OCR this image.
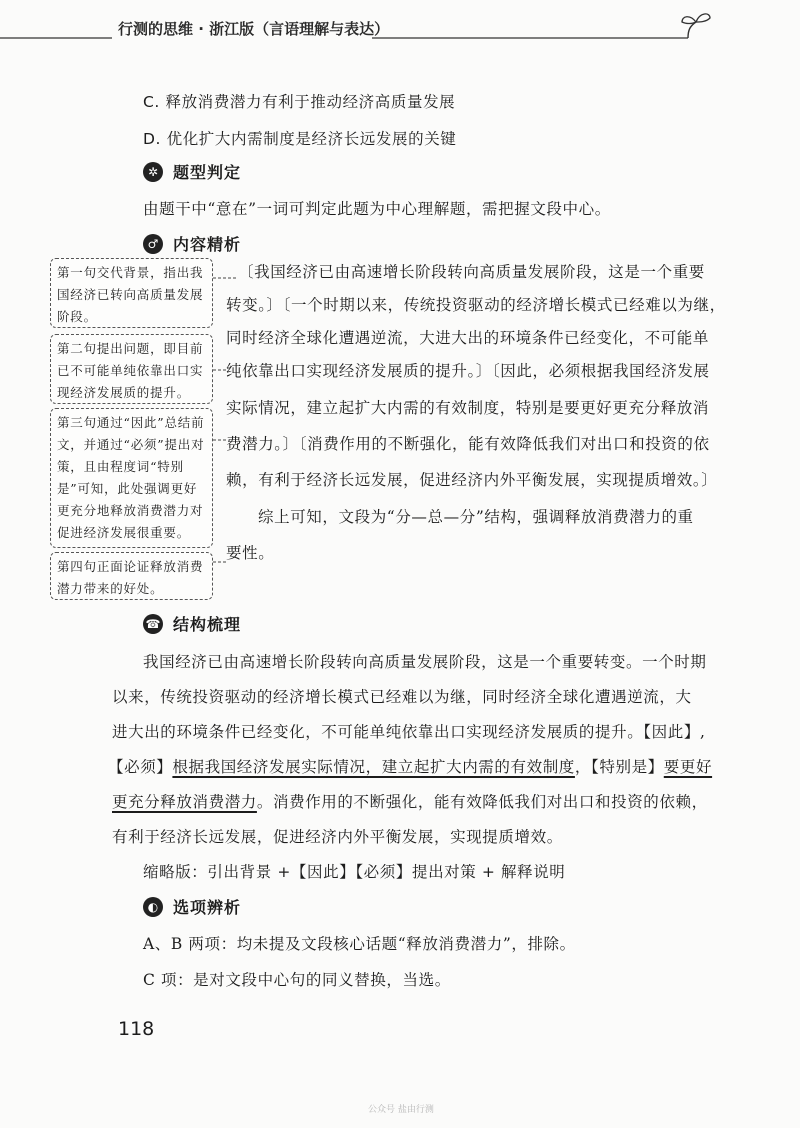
行测的思维 · 浙江版（言语理解与表达）
C. 释放消费潜力有利于推动经济高质量发展
D. 优化扩大内需制度是经济长远发展的关键
✲ 题型判定
由题干中“意在”一词可判定此题为中心理解题，需把握文段中心。
♂ 内容精析
〔我国经济已由高速增长阶段转向高质量发展阶段，这是一个重要
转变。〕〔一个时期以来，传统投资驱动的经济增长模式已经难以为继，
同时经济全球化遭遇逆流，大进大出的环境条件已经变化，不可能单
纯依靠出口实现经济发展质的提升。〕〔因此，必须根据我国经济发展
实际情况，建立起扩大内需的有效制度，特别是要更好更充分释放消
费潜力。〕〔消费作用的不断强化，能有效降低我们对出口和投资的依
赖，有利于经济长远发展，促进经济内外平衡发展，实现提质增效。〕
综上可知，文段为“分—总—分”结构，强调释放消费潜力的重
要性。
第一句交代背景，指出我国经济已转向高质量发展阶段。
第二句提出问题，即目前已不可能单纯依靠出口实现经济发展质的提升。
第三句通过“因此”总结前文，并通过“必须”提出对策，且由程度词“特别是”可知，此处强调更好更充分地释放消费潜力对促进经济发展很重要。
第四句正面论证释放消费潜力带来的好处。
☎ 结构梳理
我国经济已由高速增长阶段转向高质量发展阶段，这是一个重要转变。一个时期
以来，传统投资驱动的经济增长模式已经难以为继，同时经济全球化遭遇逆流，大
进大出的环境条件已经变化，不可能单纯依靠出口实现经济发展质的提升。【因此】,
【必须】根据我国经济发展实际情况，建立起扩大内需的有效制度，【特别是】要更好
更充分释放消费潜力。消费作用的不断强化，能有效降低我们对出口和投资的依赖，
有利于经济长远发展，促进经济内外平衡发展，实现提质增效。
缩略版：引出背景 +【因此】【必须】提出对策 + 解释说明
◐ 选项辨析
A、B 两项：均未提及文段核心话题“释放消费潜力”，排除。
C 项：是对文段中心句的同义替换，当选。
118
公众号 盐由行测
